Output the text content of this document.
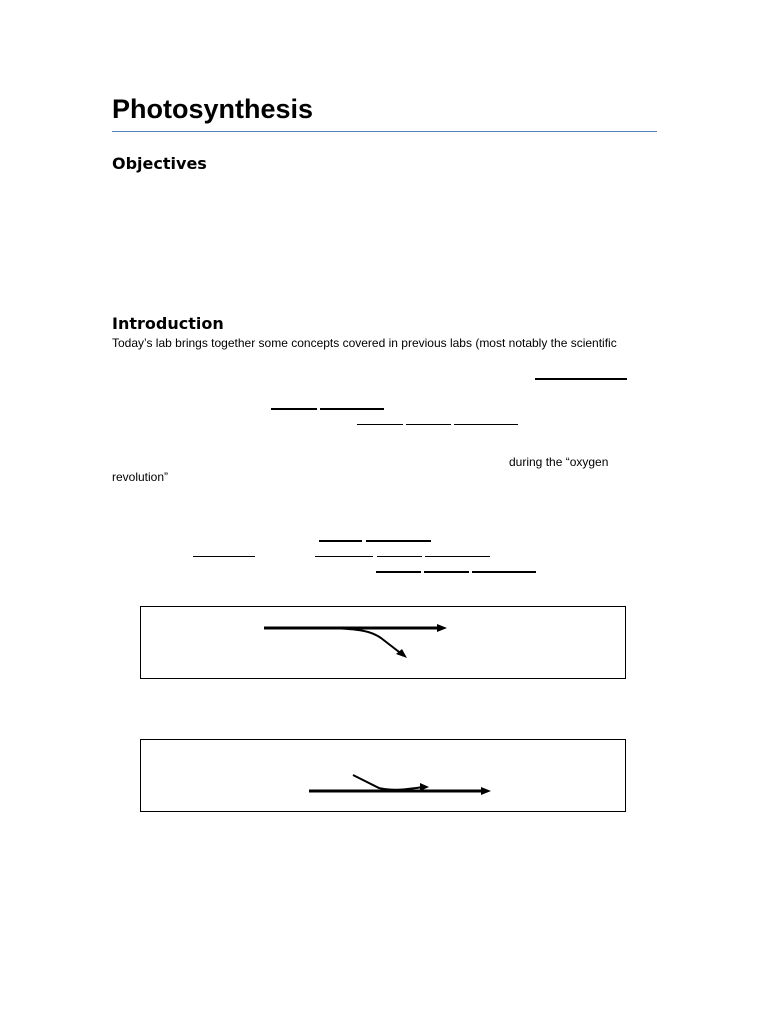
Photosynthesis
Objectives
Introduction
Today’s lab brings together some concepts covered in previous labs (most notably the scientific
during the “oxygen
revolution”
